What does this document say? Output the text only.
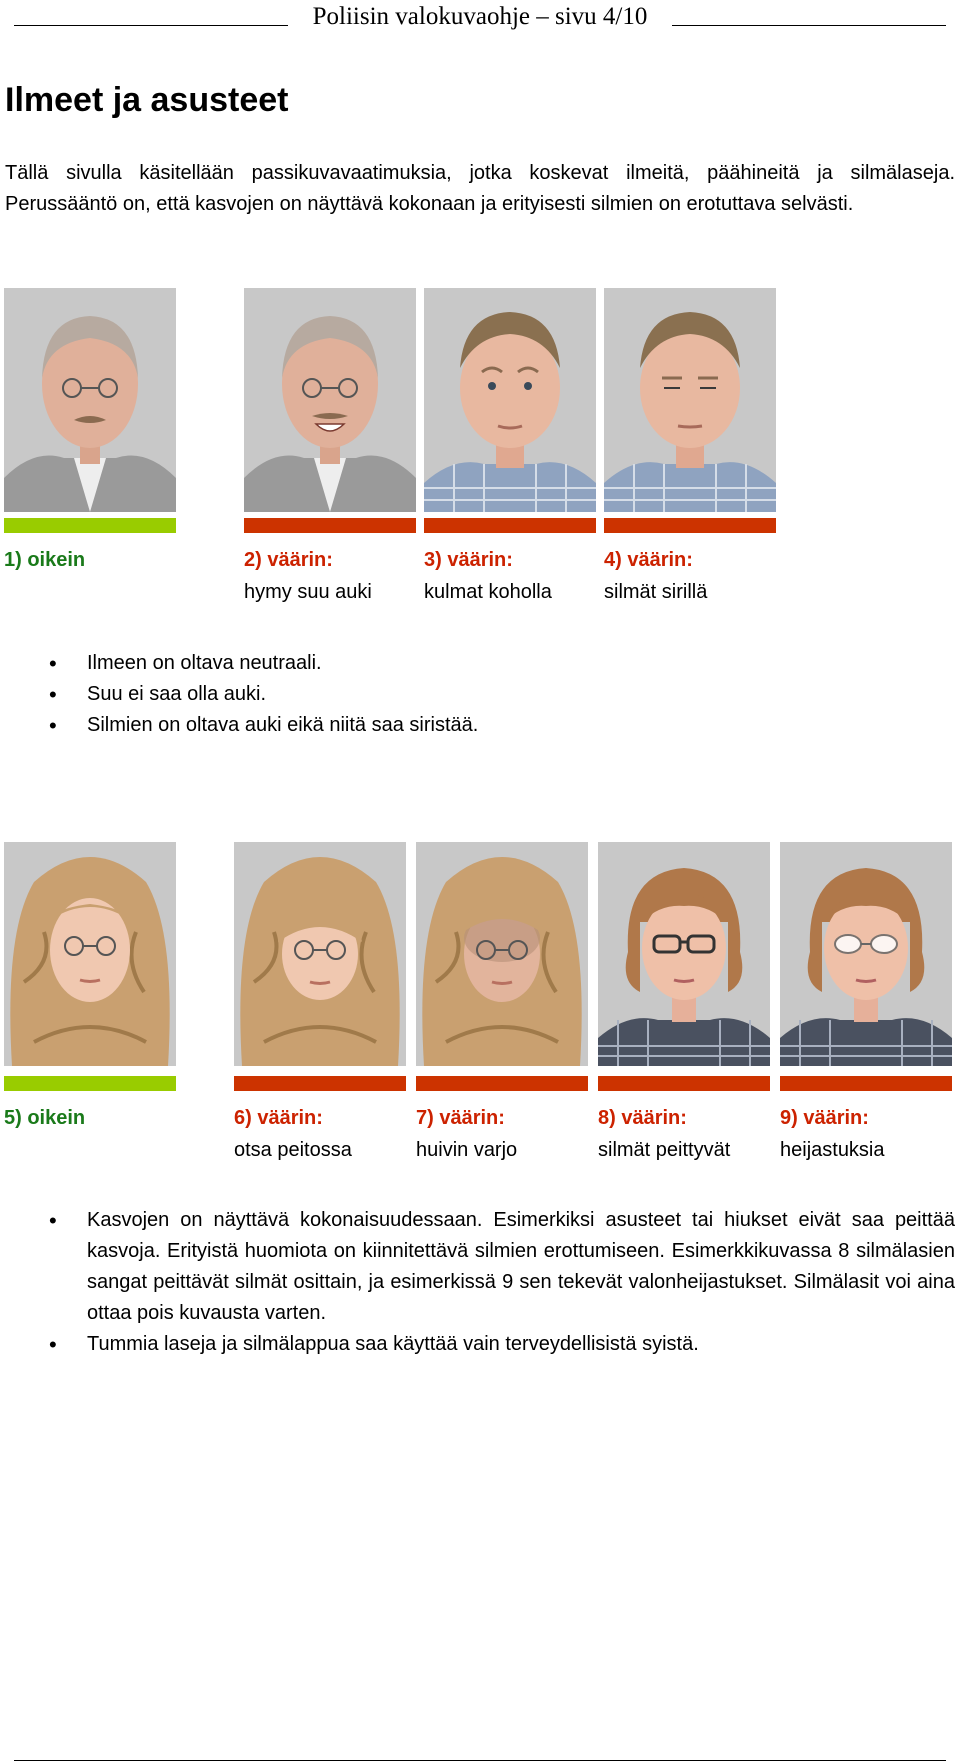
Poliisin valokuvaohje – sivu 4/10
Ilmeet ja asusteet

Tällä sivulla käsitellään passikuvavaatimuksia, jotka koskevat ilmeitä, päähineitä ja silmälaseja. Perussääntö on, että kasvojen on näyttävä kokonaan ja erityisesti silmien on erotuttava selvästi.

1) oikein	2) väärin:
hymy suu auki
3) väärin:
kulmat koholla
4) väärin:
silmät sirillä
• Ilmeen on oltava neutraali.
• Suu ei saa olla auki.
• Silmien on oltava auki eikä niitä saa siristää.
5) oikein	6) väärin:
otsa peitossa
7) väärin:
huivin varjo
8) väärin:
silmät peittyvät
9) väärin:
heijastuksia
• Kasvojen on näyttävä kokonaisuudessaan. Esimerkiksi asusteet tai hiukset eivät saa peittää kasvoja. Erityistä huomiota on kiinnitettävä silmien erottumiseen. Esimerkkikuvassa 8 silmälasien sangat peittävät silmät osittain, ja esimerkissä 9 sen tekevät valonheijastukset. Silmälasit voi aina ottaa pois kuvausta varten.
• Tummia laseja ja silmälappua saa käyttää vain terveydellisistä syistä.
